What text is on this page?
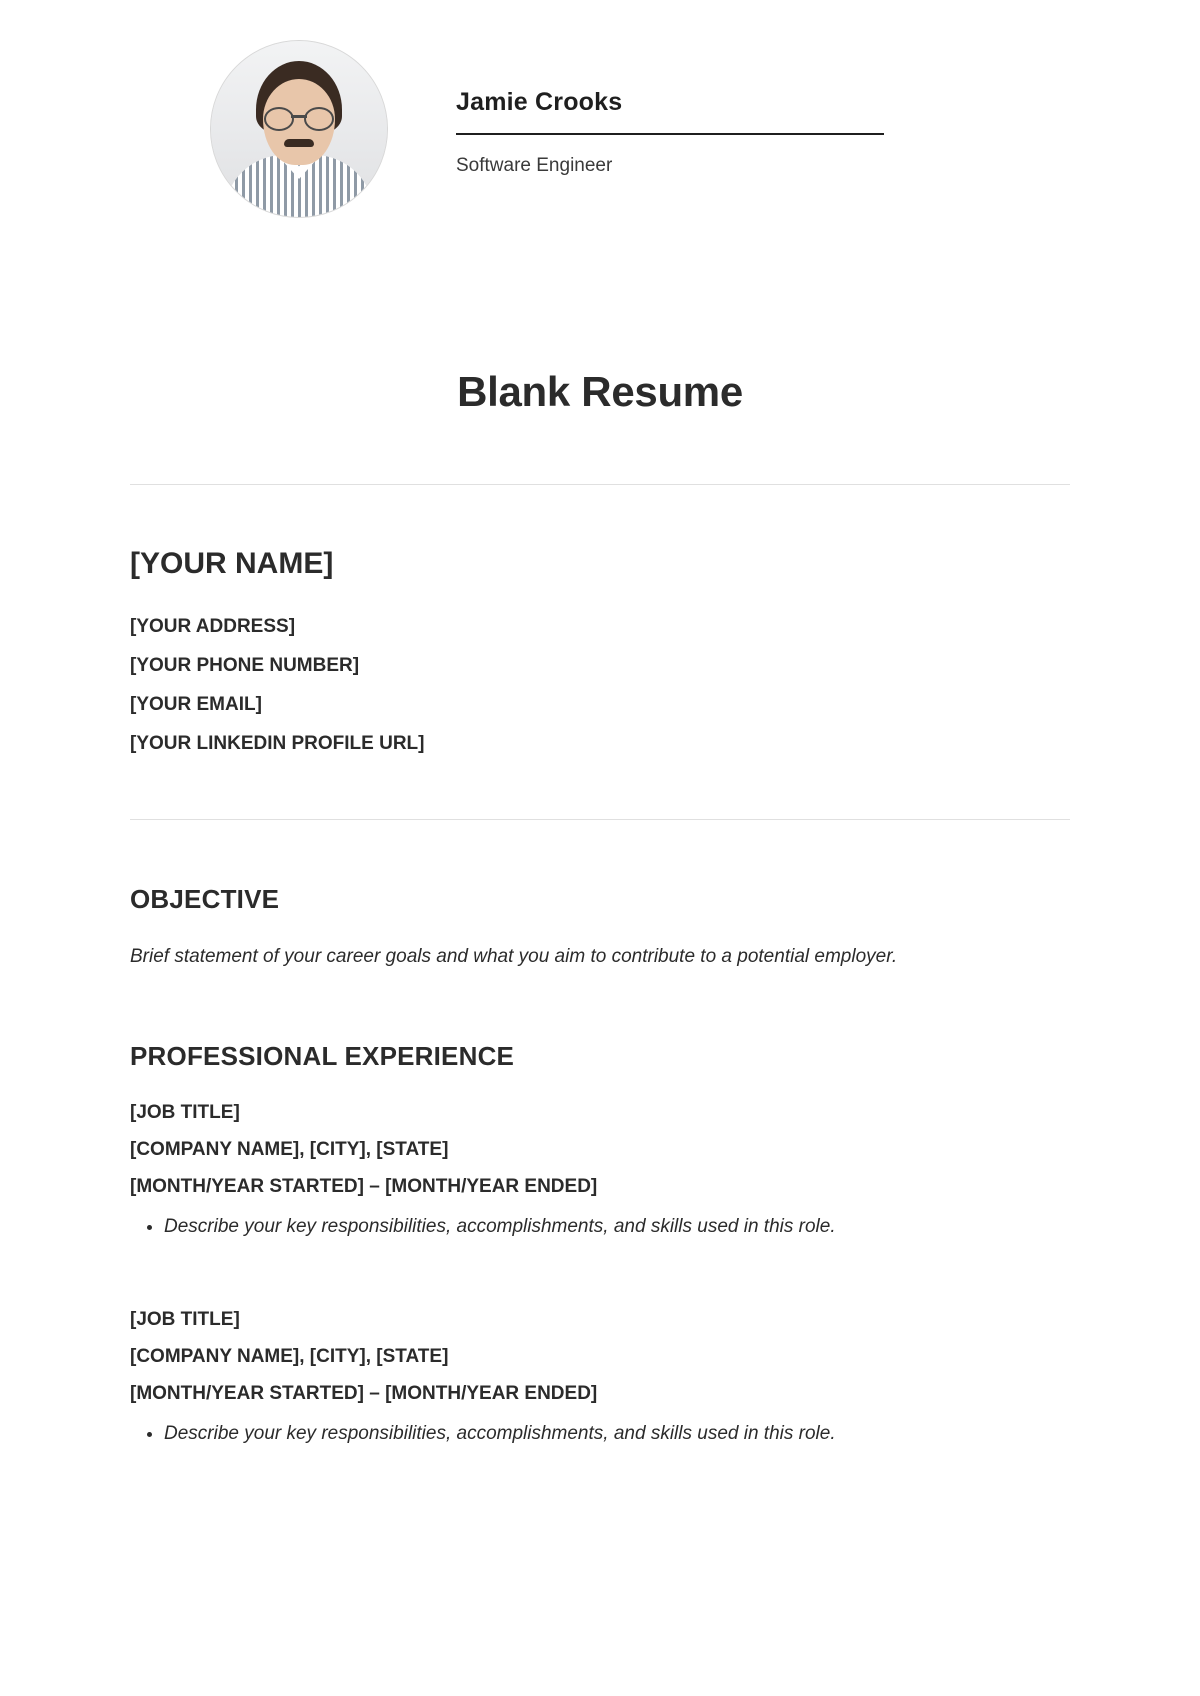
Jamie Crooks
Software Engineer
Blank Resume
[YOUR NAME]

[YOUR ADDRESS]

[YOUR PHONE NUMBER]

[YOUR EMAIL]

[YOUR LINKEDIN PROFILE URL]

OBJECTIVE

Brief statement of your career goals and what you aim to contribute to a potential employer.

PROFESSIONAL EXPERIENCE

[JOB TITLE]

[COMPANY NAME], [CITY], [STATE]

[MONTH/YEAR STARTED] – [MONTH/YEAR ENDED]

• Describe your key responsibilities, accomplishments, and skills used in this role.

[JOB TITLE]

[COMPANY NAME], [CITY], [STATE]

[MONTH/YEAR STARTED] – [MONTH/YEAR ENDED]

• Describe your key responsibilities, accomplishments, and skills used in this role.
